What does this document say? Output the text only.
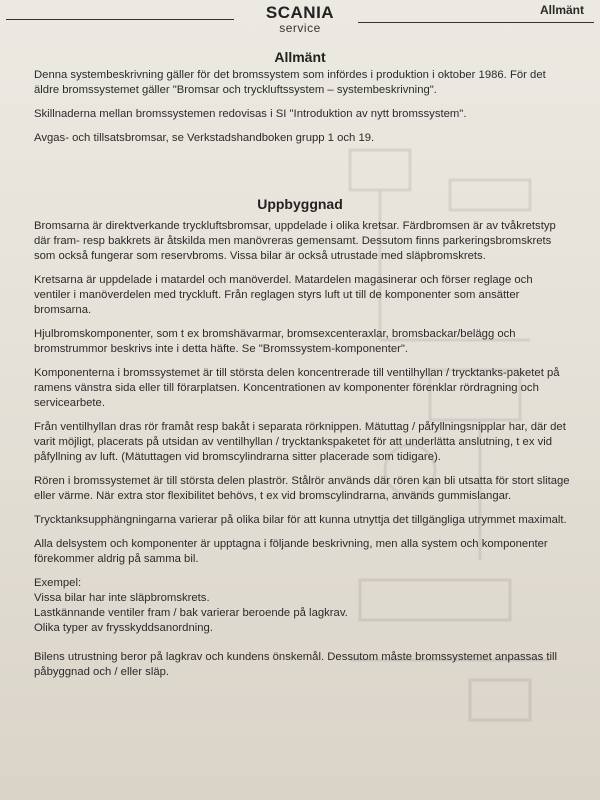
SCANIA
service
Allmänt
Allmänt

Denna systembeskrivning gäller för det bromssystem som infördes i produktion i oktober 1986. För det äldre bromssystemet gäller "Bromsar och tryckluftssystem – systembeskrivning".

Skillnaderna mellan bromssystemen redovisas i SI "Introduktion av nytt bromssystem".

Avgas- och tillsatsbromsar, se Verkstadshandboken grupp 1 och 19.

Uppbyggnad

Bromsarna är direktverkande tryckluftsbromsar, uppdelade i olika kretsar. Färdbromsen är av tvåkretstyp där fram- resp bakkrets är åtskilda men manövreras gemensamt. Dessutom finns parkeringsbromskrets som också fungerar som reservbroms. Vissa bilar är också utrustade med släpbromskrets.

Kretsarna är uppdelade i matardel och manöverdel. Matardelen magasinerar och förser reglage och ventiler i manöverdelen med tryckluft. Från reglagen styrs luft ut till de komponenter som ansätter bromsarna.

Hjulbromskomponenter, som t ex bromshävarmar, bromsexcenteraxlar, bromsbackar/belägg och bromstrummor beskrivs inte i detta häfte. Se "Bromssystem-komponenter".

Komponenterna i bromssystemet är till största delen koncentrerade till ventilhyllan / trycktanks-paketet på ramens vänstra sida eller till förarplatsen. Koncentrationen av komponenter förenklar rördragning och servicearbete.

Från ventilhyllan dras rör framåt resp bakåt i separata rörknippen. Mätuttag / påfyllningsnipplar har, där det varit möjligt, placerats på utsidan av ventilhyllan / trycktankspaketet för att underlätta anslutning, t ex vid påfyllning av luft. (Mätuttagen vid bromscylindrarna sitter placerade som tidigare).

Rören i bromssystemet är till största delen plaströr. Stålrör används där rören kan bli utsatta för stort slitage eller värme. När extra stor flexibilitet behövs, t ex vid bromscylindrarna, används gummislangar.

Trycktanksupphängningarna varierar på olika bilar för att kunna utnyttja det tillgängliga utrymmet maximalt.

Alla delsystem och komponenter är upptagna i följande beskrivning, men alla system och komponenter förekommer aldrig på samma bil.

Exempel:
Vissa bilar har inte släpbromskrets.
Lastkännande ventiler fram / bak varierar beroende på lagkrav.
Olika typer av frysskyddsanordning.

Bilens utrustning beror på lagkrav och kundens önskemål. Dessutom måste bromssystemet anpassas till påbyggnad och / eller släp.
